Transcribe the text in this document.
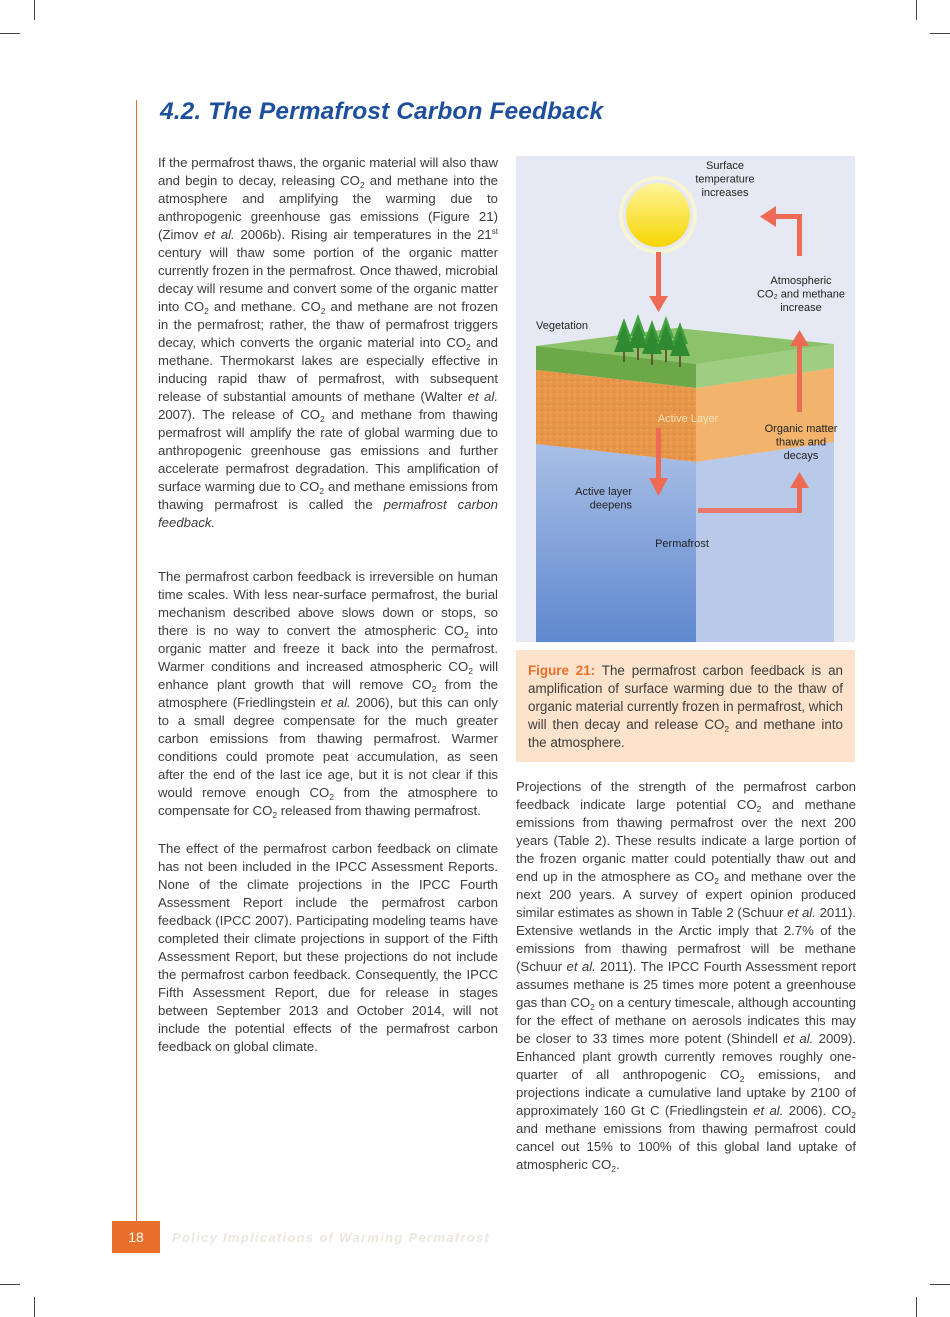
4.2. The Permafrost Carbon Feedback

If the permafrost thaws, the organic material will also thaw and begin to decay, releasing $CO_2$ and methane into the atmosphere and amplifying the warming due to anthropogenic greenhouse gas emissions (Figure 21) (Zimov et al. 2006b). Rising air temperatures in the 21st century will thaw some portion of the organic matter currently frozen in the permafrost. Once thawed, microbial decay will resume and convert some of the organic matter into $CO_2$ and methane. $CO_2$ and methane are not frozen in the permafrost; rather, the thaw of permafrost triggers decay, which converts the organic material into $CO_2$ and methane. Thermokarst lakes are especially effective in inducing rapid thaw of permafrost, with subsequent release of substantial amounts of methane (Walter et al. 2007). The release of $CO_2$ and methane from thawing permafrost will amplify the rate of global warming due to anthropogenic greenhouse gas emissions and further accelerate permafrost degradation. This amplification of surface warming due to $CO_2$ and methane emissions from thawing permafrost is called the permafrost carbon feedback.

The permafrost carbon feedback is irreversible on human time scales. With less near-surface permafrost, the burial mechanism described above slows down or stops, so there is no way to convert the atmospheric $CO_2$ into organic matter and freeze it back into the permafrost. Warmer conditions and increased atmospheric $CO_2$ will enhance plant growth that will remove $CO_2$ from the atmosphere (Friedlingstein et al. 2006), but this can only to a small degree compensate for the much greater carbon emissions from thawing permafrost. Warmer conditions could promote peat accumulation, as seen after the end of the last ice age, but it is not clear if this would remove enough $CO_2$ from the atmosphere to compensate for $CO_2$ released from thawing permafrost.

The effect of the permafrost carbon feedback on climate has not been included in the IPCC Assessment Reports. None of the climate projections in the IPCC Fourth Assessment Report include the permafrost carbon feedback (IPCC 2007). Participating modeling teams have completed their climate projections in support of the Fifth Assessment Report, but these projections do not include the permafrost carbon feedback. Consequently, the IPCC Fifth Assessment Report, due for release in stages between September 2013 and October 2014, will not include the potential effects of the permafrost carbon feedback on global climate.

Surface
temperature
increases
Atmospheric
CO₂ and methane
increase
Vegetation
Active Layer
Organic matter
thaws and
decays
Active layer
deepens
Permafrost

Figure 21: The permafrost carbon feedback is an amplification of surface warming due to the thaw of organic material currently frozen in permafrost, which will then decay and release $CO_2$ and methane into the atmosphere.

Projections of the strength of the permafrost carbon feedback indicate large potential $CO_2$ and methane emissions from thawing permafrost over the next 200 years (Table 2). These results indicate a large portion of the frozen organic matter could potentially thaw out and end up in the atmosphere as $CO_2$ and methane over the next 200 years. A survey of expert opinion produced similar estimates as shown in Table 2 (Schuur et al. 2011). Extensive wetlands in the Arctic imply that 2.7% of the emissions from thawing permafrost will be methane (Schuur et al. 2011). The IPCC Fourth Assessment report assumes methane is 25 times more potent a greenhouse gas than $CO_2$ on a century timescale, although accounting for the effect of methane on aerosols indicates this may be closer to 33 times more potent (Shindell et al. 2009). Enhanced plant growth currently removes roughly one-quarter of all anthropogenic $CO_2$ emissions, and projections indicate a cumulative land uptake by 2100 of approximately 160 Gt C (Friedlingstein et al. 2006). $CO_2$ and methane emissions from thawing permafrost could cancel out 15% to 100% of this global land uptake of atmospheric $CO_2$.

18	Policy Implications of Warming Permafrost
